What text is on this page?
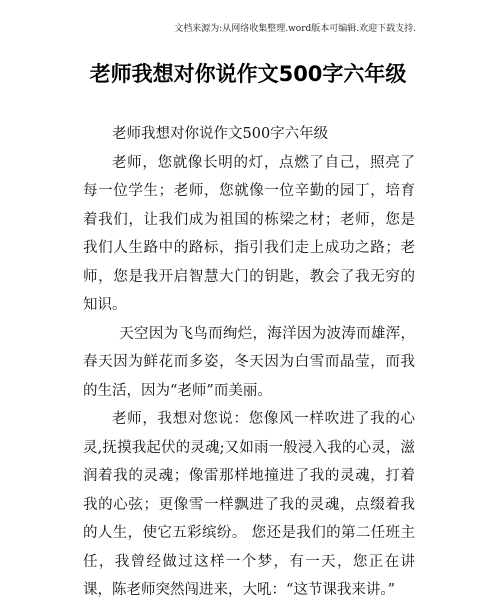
文档来源为:从网络收集整理.word版本可编辑.欢迎下载支持.
老师我想对你说作文500字六年级

老师我想对你说作文500字六年级

老师，您就像长明的灯，点燃了自己，照亮了每一位学生；老师，您就像一位辛勤的园丁，培育着我们，让我们成为祖国的栋梁之材；老师，您是我们人生路中的路标，指引我们走上成功之路；老师，您是我开启智慧大门的钥匙，教会了我无穷的知识。

天空因为飞鸟而绚烂，海洋因为波涛而雄浑，春天因为鲜花而多姿，冬天因为白雪而晶莹，而我的生活，因为“老师”而美丽。

老师，我想对您说：您像风一样吹进了我的心灵,抚摸我起伏的灵魂;又如雨一般浸入我的心灵，滋润着我的灵魂；像雷那样地撞进了我的灵魂，打着我的心弦；更像雪一样飘进了我的灵魂，点缀着我的人生，使它五彩缤纷。 您还是我们的第二任班主任，我曾经做过这样一个梦，有一天，您正在讲课，陈老师突然闯进来，大吼：“这节课我来讲。”
